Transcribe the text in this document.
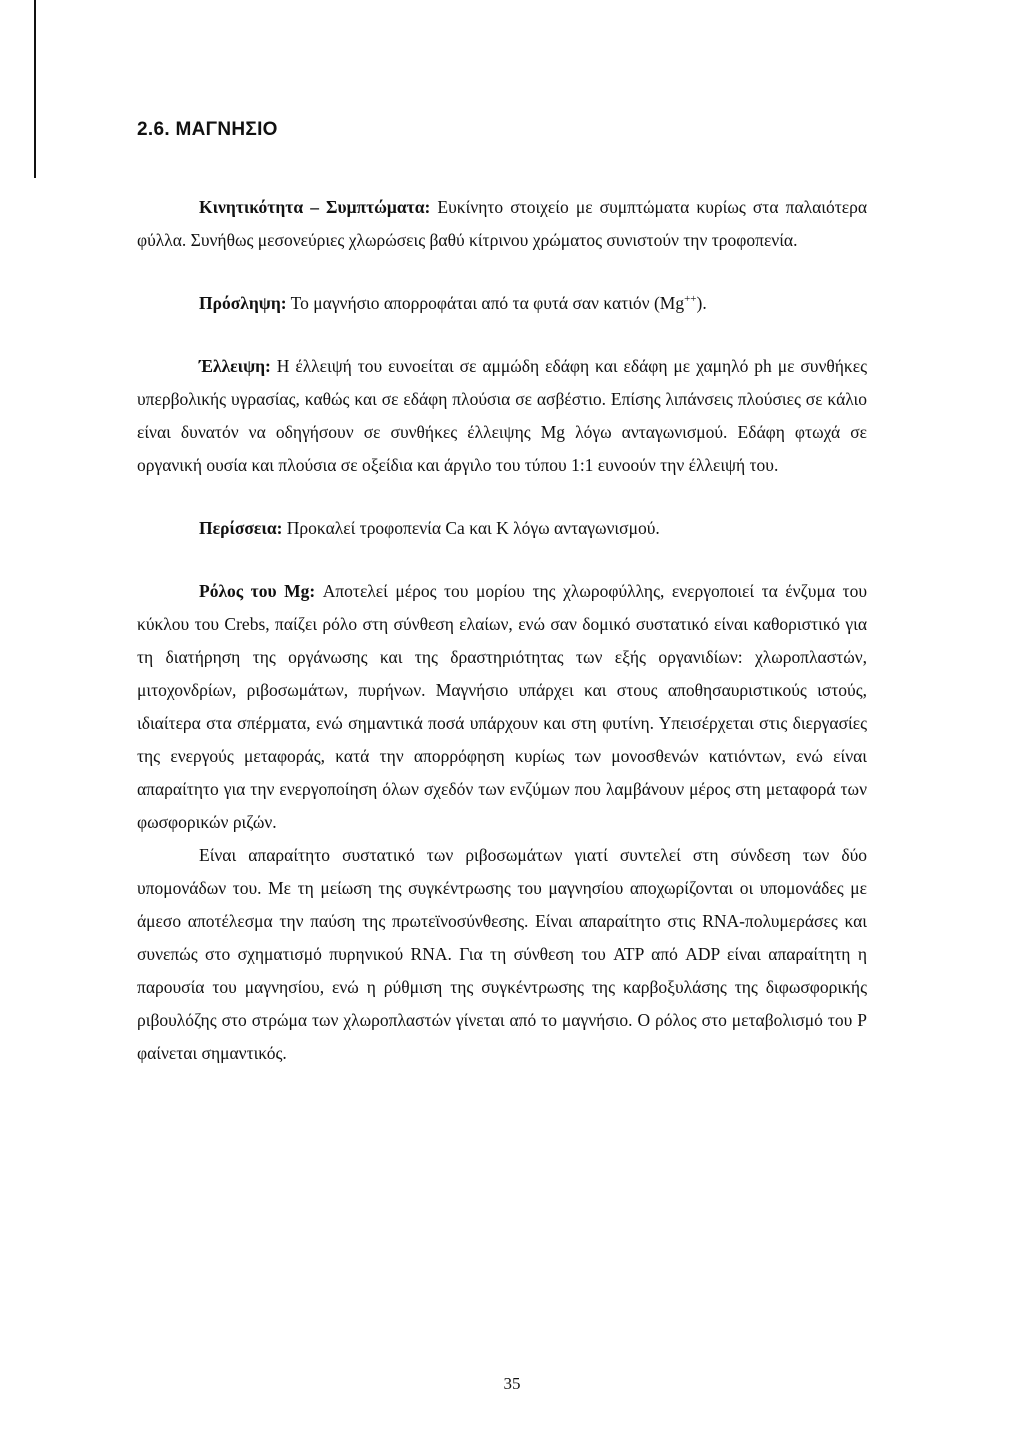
2.6. ΜΑΓΝΗΣΙΟ

Κινητικότητα – Συμπτώματα: Ευκίνητο στοιχείο με συμπτώματα κυρίως στα παλαιότερα φύλλα. Συνήθως μεσονεύριες χλωρώσεις βαθύ κίτρινου χρώματος συνιστούν την τροφοπενία.

Πρόσληψη: Το μαγνήσιο απορροφάται από τα φυτά σαν κατιόν (Mg++).

Έλλειψη: Η έλλειψή του ευνοείται σε αμμώδη εδάφη και εδάφη με χαμηλό ph με συνθήκες υπερβολικής υγρασίας, καθώς και σε εδάφη πλούσια σε ασβέστιο. Επίσης λιπάνσεις πλούσιες σε κάλιο είναι δυνατόν να οδηγήσουν σε συνθήκες έλλειψης Mg λόγω ανταγωνισμού. Εδάφη φτωχά σε οργανική ουσία και πλούσια σε οξείδια και άργιλο του τύπου 1:1 ευνοούν την έλλειψή του.

Περίσσεια: Προκαλεί τροφοπενία Ca και K λόγω ανταγωνισμού.

Ρόλος του Mg: Αποτελεί μέρος του μορίου της χλωροφύλλης, ενεργοποιεί τα ένζυμα του κύκλου του Crebs, παίζει ρόλο στη σύνθεση ελαίων, ενώ σαν δομικό συστατικό είναι καθοριστικό για τη διατήρηση της οργάνωσης και της δραστηριότητας των εξής οργανιδίων: χλωροπλαστών, μιτοχονδρίων, ριβοσωμάτων, πυρήνων. Μαγνήσιο υπάρχει και στους αποθησαυριστικούς ιστούς, ιδιαίτερα στα σπέρματα, ενώ σημαντικά ποσά υπάρχουν και στη φυτίνη. Υπεισέρχεται στις διεργασίες της ενεργούς μεταφοράς, κατά την απορρόφηση κυρίως των μονοσθενών κατιόντων, ενώ είναι απαραίτητο για την ενεργοποίηση όλων σχεδόν των ενζύμων που λαμβάνουν μέρος στη μεταφορά των φωσφορικών ριζών.

Είναι απαραίτητο συστατικό των ριβοσωμάτων γιατί συντελεί στη σύνδεση των δύο υπομονάδων του. Με τη μείωση της συγκέντρωσης του μαγνησίου αποχωρίζονται οι υπομονάδες με άμεσο αποτέλεσμα την παύση της πρωτεϊνοσύνθεσης. Είναι απαραίτητο στις RNA-πολυμεράσες και συνεπώς στο σχηματισμό πυρηνικού RNA. Για τη σύνθεση του ATP από ADP είναι απαραίτητη η παρουσία του μαγνησίου, ενώ η ρύθμιση της συγκέντρωσης της καρβοξυλάσης της διφωσφορικής ριβουλόζης στο στρώμα των χλωροπλαστών γίνεται από το μαγνήσιο. Ο ρόλος στο μεταβολισμό του P φαίνεται σημαντικός.

35
